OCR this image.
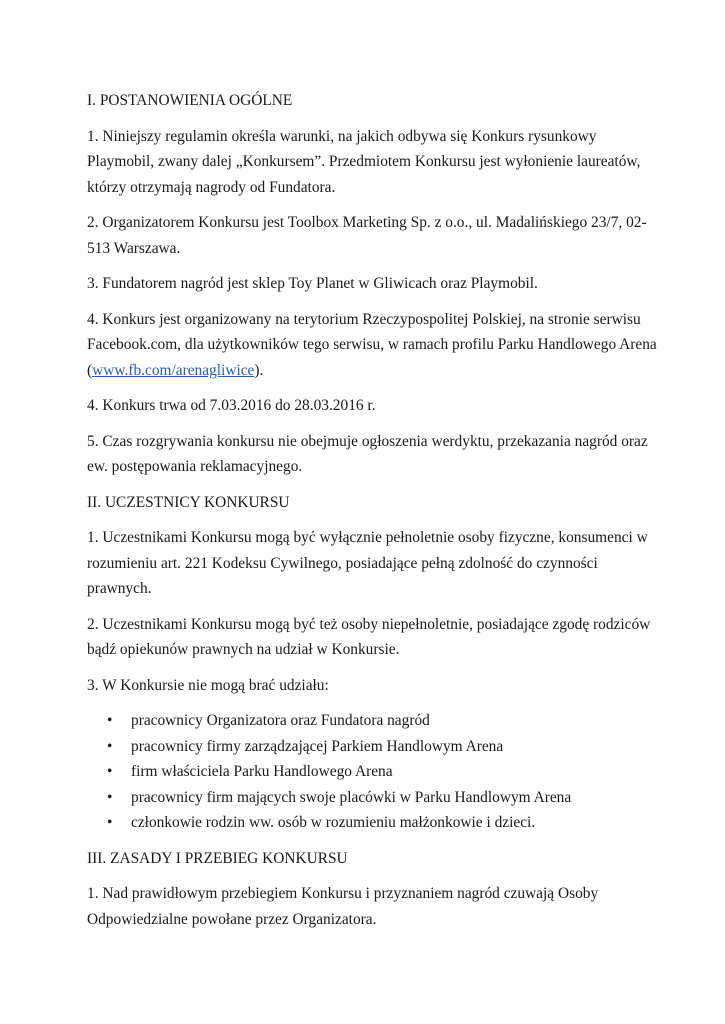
I. POSTANOWIENIA OGÓLNE

1. Niniejszy regulamin określa warunki, na jakich odbywa się Konkurs rysunkowy Playmobil, zwany dalej „Konkursem”. Przedmiotem Konkursu jest wyłonienie laureatów, którzy otrzymają nagrody od Fundatora.

2. Organizatorem Konkursu jest Toolbox Marketing Sp. z o.o., ul. Madalińskiego 23/7, 02-513 Warszawa.

3. Fundatorem nagród jest sklep Toy Planet w Gliwicach oraz Playmobil.

4. Konkurs jest organizowany na terytorium Rzeczypospolitej Polskiej, na stronie serwisu Facebook.com, dla użytkowników tego serwisu, w ramach profilu Parku Handlowego Arena (www.fb.com/arenagliwice).

4. Konkurs trwa od 7.03.2016 do 28.03.2016 r.

5. Czas rozgrywania konkursu nie obejmuje ogłoszenia werdyktu, przekazania nagród oraz ew. postępowania reklamacyjnego.

II. UCZESTNICY KONKURSU

1. Uczestnikami Konkursu mogą być wyłącznie pełnoletnie osoby fizyczne, konsumenci w rozumieniu art. 221 Kodeksu Cywilnego, posiadające pełną zdolność do czynności prawnych.

2. Uczestnikami Konkursu mogą być też osoby niepełnoletnie, posiadające zgodę rodziców bądź opiekunów prawnych na udział w Konkursie.

3. W Konkursie nie mogą brać udziału:

• pracownicy Organizatora oraz Fundatora nagród
• pracownicy firmy zarządzającej Parkiem Handlowym Arena
• firm właściciela Parku Handlowego Arena
• pracownicy firm mających swoje placówki w Parku Handlowym Arena
• członkowie rodzin ww. osób w rozumieniu małżonkowie i dzieci.

III. ZASADY I PRZEBIEG KONKURSU

1. Nad prawidłowym przebiegiem Konkursu i przyznaniem nagród czuwają Osoby Odpowiedzialne powołane przez Organizatora.
